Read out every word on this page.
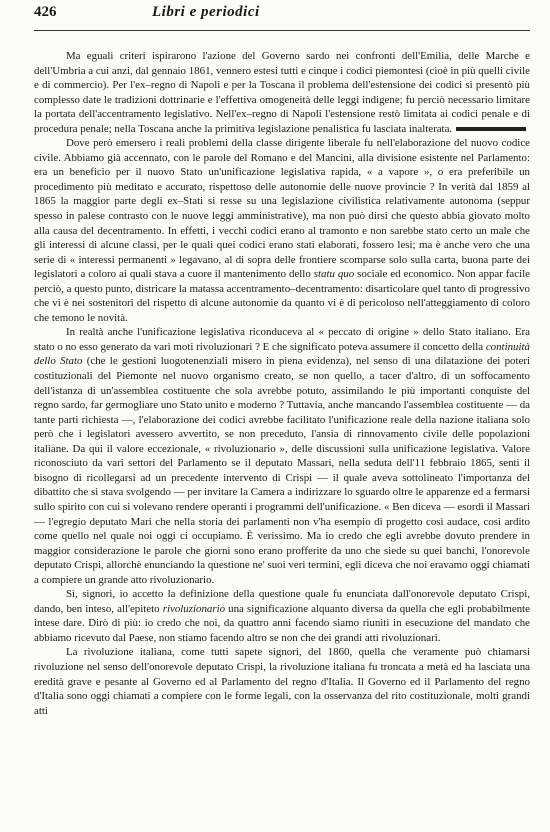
426	Libri e periodici

Ma eguali criteri ispirarono l'azione del Governo sardo nei confronti dell'Emilia, delle Marche e dell'Umbria a cui anzi, dal gennaio 1861, vennero estesi tutti e cinque i codici piemontesi (cioè in più quelli civile e di commercio). Per l'ex–regno di Napoli e per la Toscana il problema dell'estensione dei codici si presentò più complesso date le tradizioni dottrinarie e l'effettiva omogeneità delle leggi indigene; fu perciò necessario limitare la portata dell'accentramento legislativo. Nell'ex–regno di Napoli l'estensione restò limitata ai codici penale e di procedura penale; nella Toscana anche la primitiva legislazione penalistica fu lasciata inalterata.

Dove però emersero i reali problemi della classe dirigente liberale fu nell'elaborazione del nuovo codice civile. Abbiamo già accennato, con le parole del Romano e del Mancini, alla divisione esistente nel Parlamento: era un beneficio per il nuovo Stato un'unificazione legislativa rapida, « a vapore », o era preferibile un procedimento più meditato e accurato, rispettoso delle autonomie delle nuove provincie ? In verità dal 1859 al 1865 la maggior parte degli ex–Stati si resse su una legislazione civilistica relativamente autonoma (seppur spesso in palese contrasto con le nuove leggi amministrative), ma non può dirsi che questo abbia giovato molto alla causa del decentramento. In effetti, i vecchi codici erano al tramonto e non sarebbe stato certo un male che gli interessi di alcune classi, per le quali quei codici erano stati elaborati, fossero lesi; ma è anche vero che una serie di « interessi permanenti » legavano, al di sopra delle frontiere scomparse solo sulla carta, buona parte dei legislatori a coloro ai quali stava a cuore il mantenimento dello statu quo sociale ed economico. Non appar facile perciò, a questo punto, districare la matassa accentramento–decentramento: disarticolare quel tanto di progressivo che vi è nei sostenitori del rispetto di alcune autonomie da quanto vi è di pericoloso nell'atteggiamento di coloro che temono le novità.

In realtà anche l'unificazione legislativa riconduceva al « peccato di origine » dello Stato italiano. Era stato o no esso generato da vari moti rivoluzionari ? E che significato poteva assumere il concetto della continuità dello Stato (che le gestioni luogotenenziali misero in piena evidenza), nel senso di una dilatazione dei poteri costituzionali del Piemonte nel nuovo organismo creato, se non quello, a tacer d'altro, di un soffocamento dell'istanza di un'assemblea costituente che sola avrebbe potuto, assimilando le più importanti conquiste del regno sardo, far germogliare uno Stato unito e moderno ? Tuttavia, anche mancando l'assemblea costituente — da tante parti richiesta —, l'elaborazione dei codici avrebbe facilitato l'unificazione reale della nazione italiana solo però che i legislatori avessero avvertito, se non preceduto, l'ansia di rinnovamento civile delle popolazioni italiane. Da qui il valore eccezionale, « rivoluzionario », delle discussioni sulla unificazione legislativa. Valore riconosciuto da vari settori del Parlamento se il deputato Massari, nella seduta dell'11 febbraio 1865, sentì il bisogno di ricollegarsi ad un precedente intervento di Crispi — il quale aveva sottolineato l'importanza del dibattito che si stava svolgendo — per invitare la Camera a indirizzare lo sguardo oltre le apparenze ed a fermarsi sullo spirito con cui si volevano rendere operanti i programmi dell'unificazione. « Ben diceva — esordì il Massari — l'egregio deputato Mari che nella storia dei parlamenti non v'ha esempio di progetto così audace, così ardito come quello nel quale noi oggi ci occupiamo. È verissimo. Ma io credo che egli avrebbe dovuto prendere in maggior considerazione le parole che giorni sono erano profferite da uno che siede su quei banchi, l'onorevole deputato Crispi, allorchè enunciando la questione ne' suoi veri termini, egli diceva che noi eravamo oggi chiamati a compiere un grande atto rivoluzionario.

Sì, signori, io accetto la definizione della questione quale fu enunciata dall'onorevole deputato Crispi, dando, ben inteso, all'epiteto rivoluzionario una significazione alquanto diversa da quella che egli probabilmente intese dare. Dirò di più: io credo che noi, da quattro anni facendo siamo riuniti in esecuzione del mandato che abbiamo ricevuto dal Paese, non stiamo facendo altro se non che dei grandi atti rivoluzionari.

La rivoluzione italiana, come tutti sapete signori, del 1860, quella che veramente può chiamarsi rivoluzione nel senso dell'onorevole deputato Crispi, la rivoluzione italiana fu troncata a metà ed ha lasciata una eredità grave e pesante al Governo ed al Parlamento del regno d'Italia. Il Governo ed il Parlamento del regno d'Italia sono oggi chiamati a compiere con le forme legali, con la osservanza del rito costituzionale, molti grandi atti
